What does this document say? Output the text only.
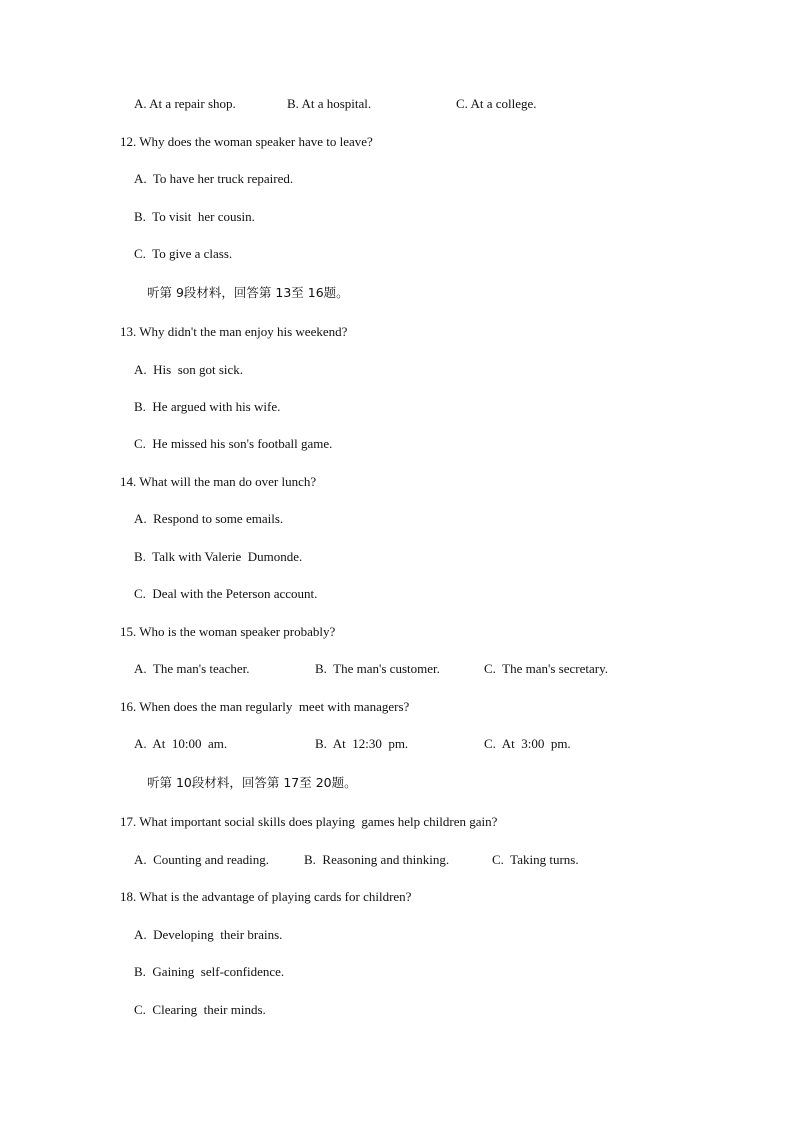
A. At a repair shop.	B. At a hospital.	C. At a college.
12. Why does the woman speaker have to leave?
A.  To have her truck repaired.
B.  To visit  her cousin.
C.  To give a class.
听第 9段材料，回答第 13至 16题。
13. Why didn't the man enjoy his weekend?
A.  His  son got sick.
B.  He argued with his wife.
C.  He missed his son's football game.
14. What will the man do over lunch?
A.  Respond to some emails.
B.  Talk with Valerie  Dumonde.
C.  Deal with the Peterson account.
15. Who is the woman speaker probably?
A.  The man's teacher.	B.  The man's customer.	C.  The man's secretary.
16. When does the man regularly  meet with managers?
A.  At  10:00  am.	B.  At  12:30  pm.	C.  At  3:00  pm.
听第 10段材料，回答第 17至 20题。
17. What important social skills does playing  games help children gain?
A.  Counting and reading.	B.  Reasoning and thinking.	C.  Taking turns.
18. What is the advantage of playing cards for children?
A.  Developing  their brains.
B.  Gaining  self-confidence.
C.  Clearing  their minds.
